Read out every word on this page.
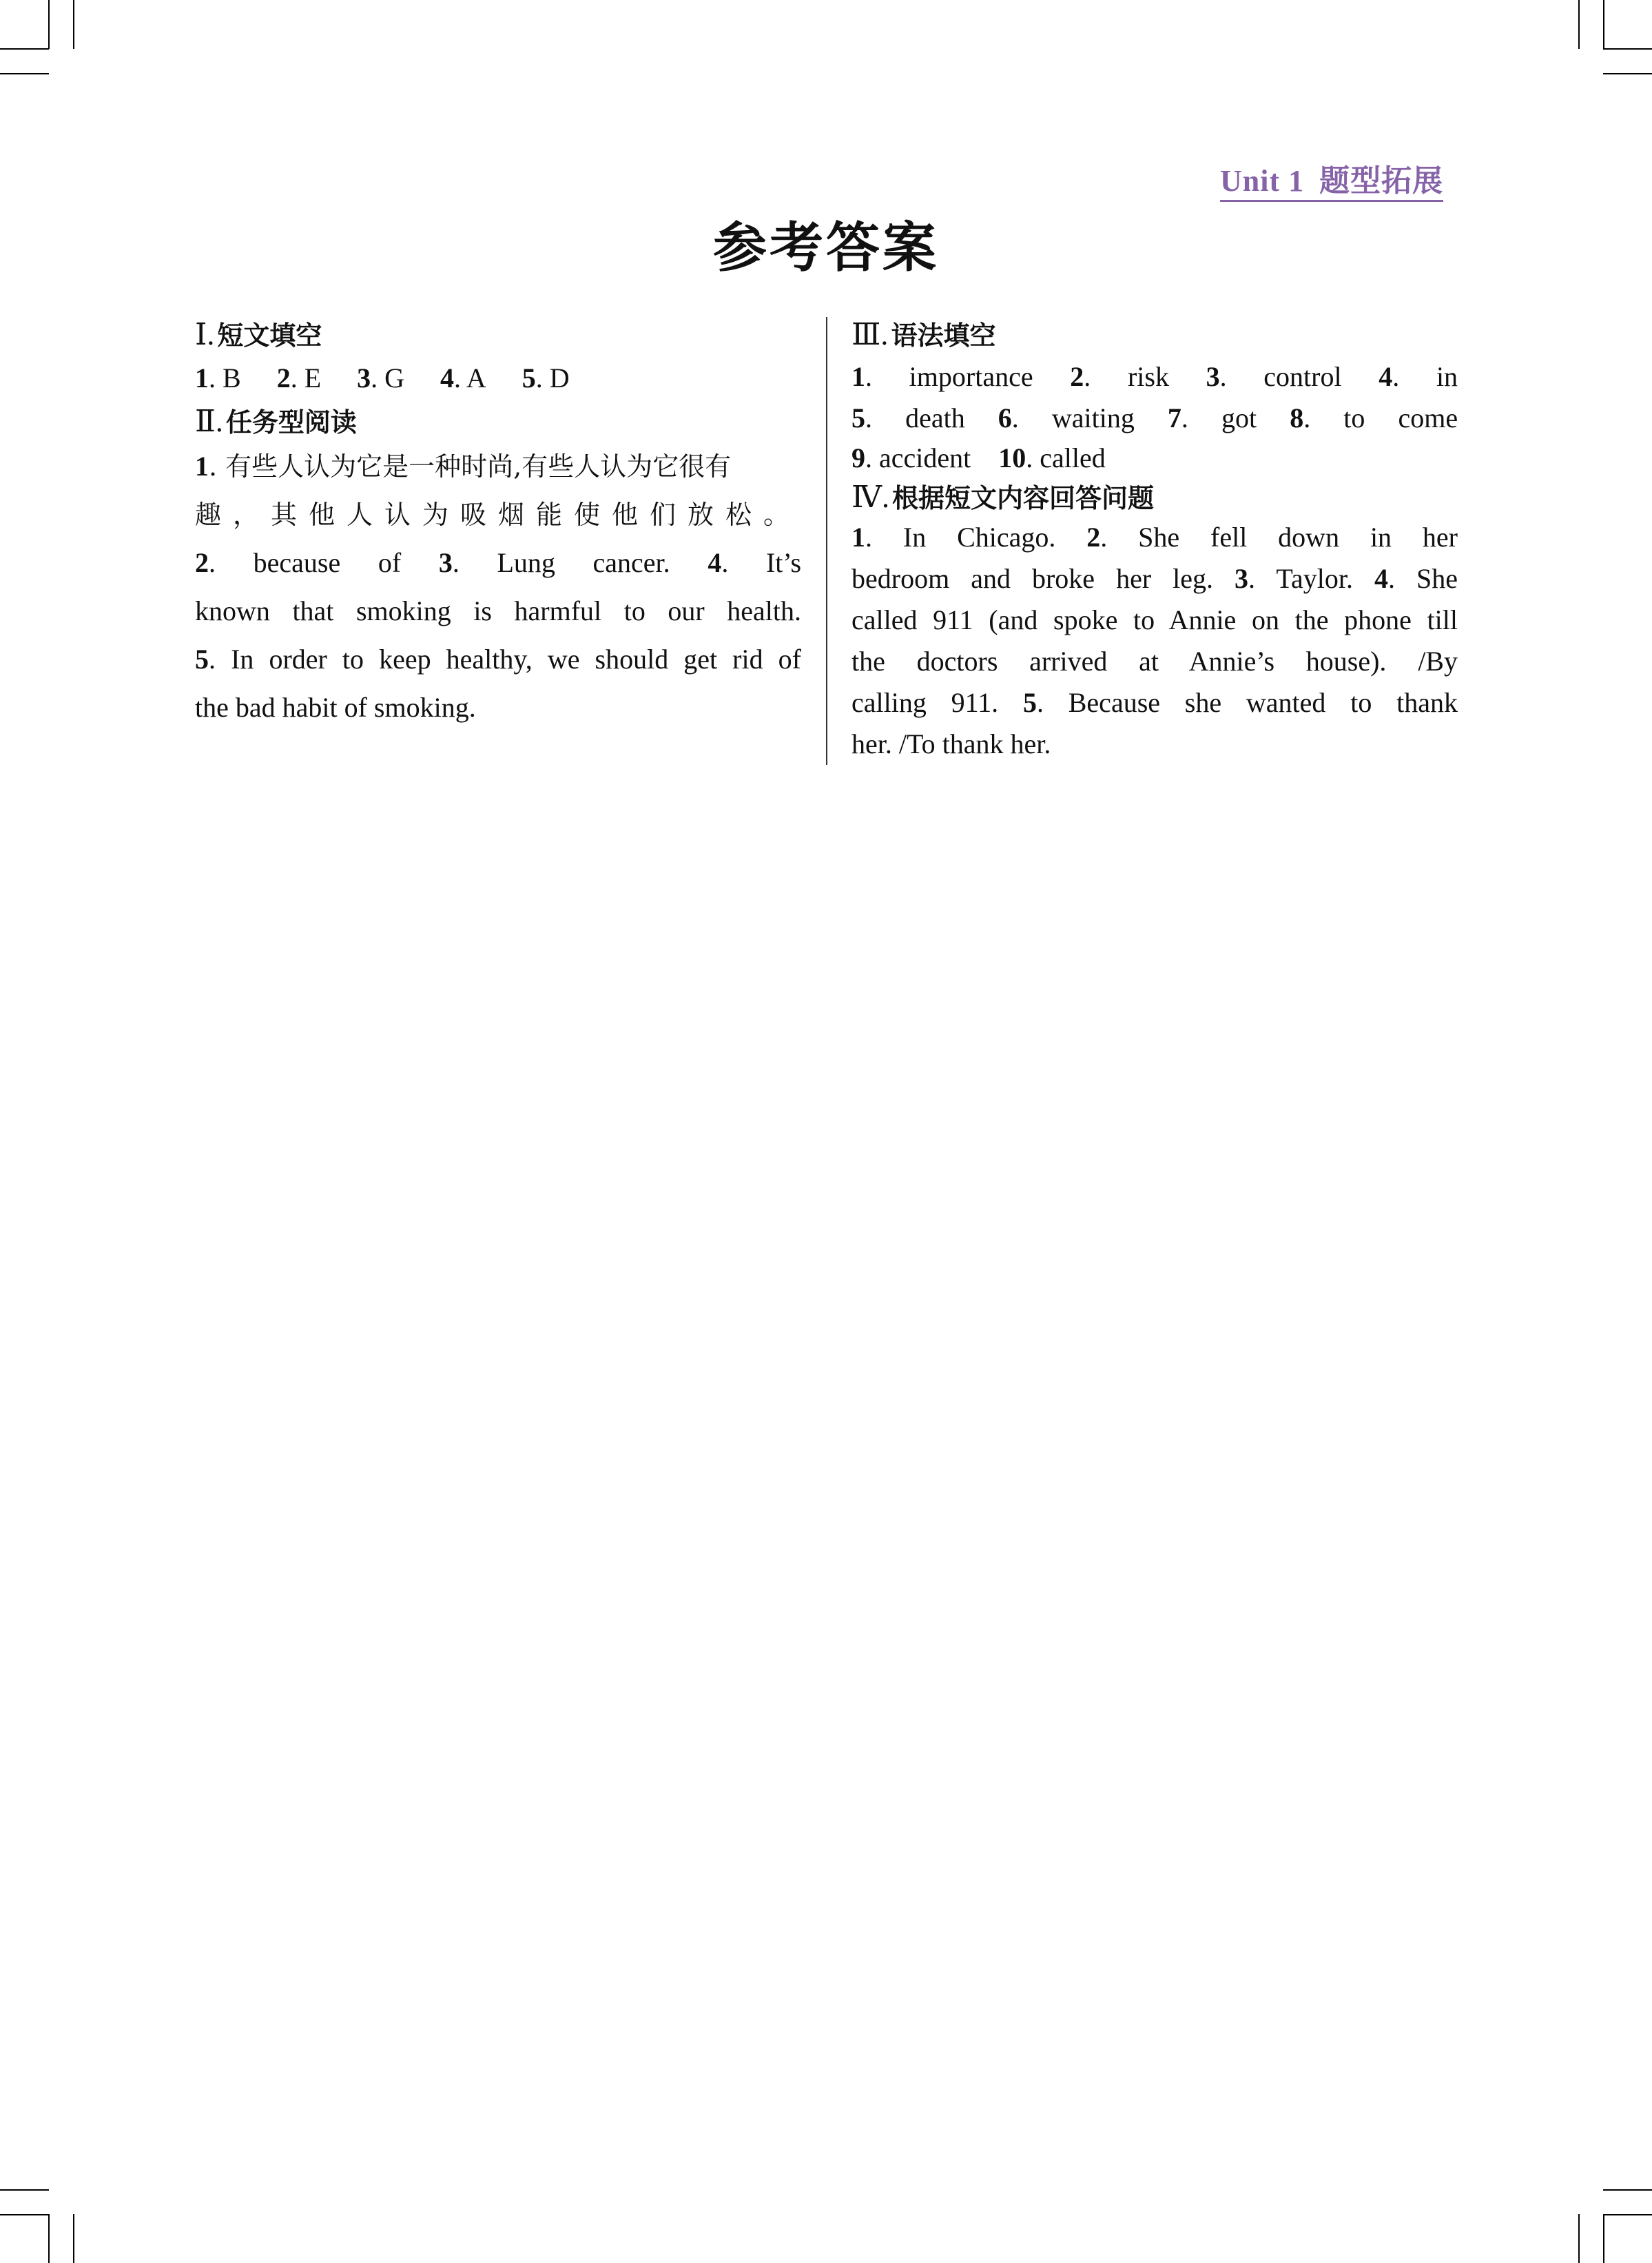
Unit 1 题型拓展
参考答案
Ⅰ. 短文填空
1. B 2. E 3. G 4. A 5. D
Ⅱ. 任务型阅读
1. 有些人认为它是一种时尚,有些人认为它很有
趣，其他人认为吸烟能使他们放松。
2. because of 3. Lung cancer. 4. It’s
known that smoking is harmful to our health.
5. In order to keep healthy, we should get rid of
the bad habit of smoking.
Ⅲ. 语法填空
1. importance 2. risk 3. control 4. in
5. death 6. waiting 7. got 8. to come
9. accident 10. called
Ⅳ. 根据短文内容回答问题
1. In Chicago. 2. She fell down in her
bedroom and broke her leg. 3. Taylor. 4. She
called 911 (and spoke to Annie on the phone till
the doctors arrived at Annie’s house). /By
calling 911. 5. Because she wanted to thank
her. /To thank her.
